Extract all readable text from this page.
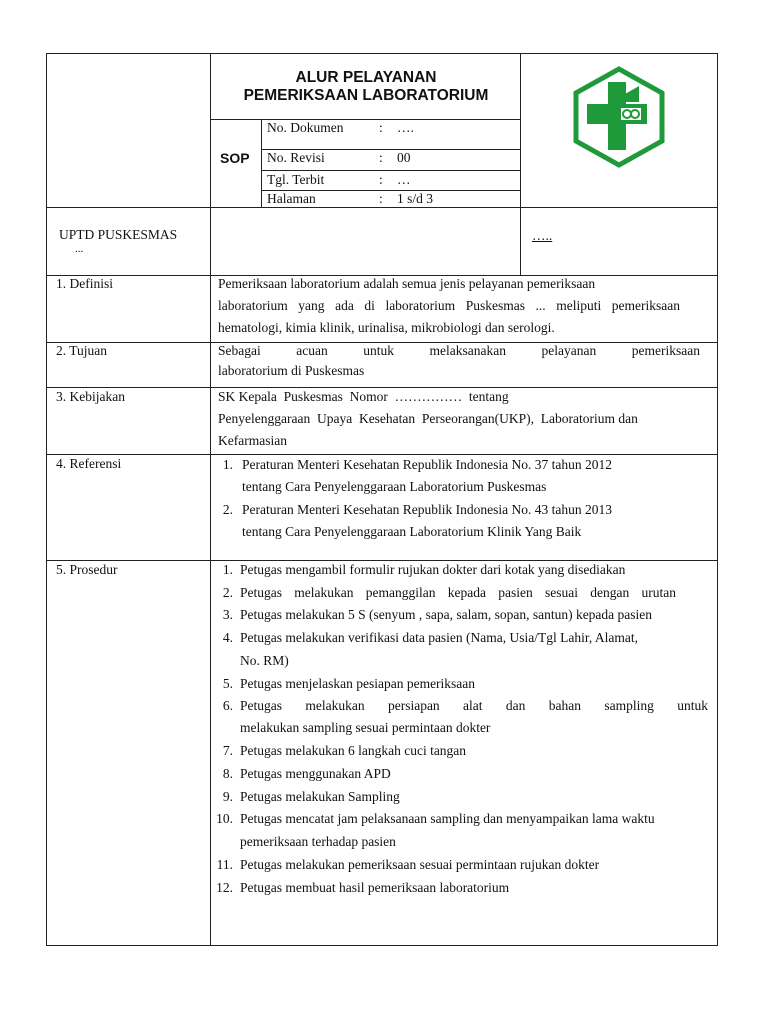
ALUR PELAYANAN
PEMERIKSAAN LABORATORIUM
SOP
No. Dokumen	: ….
No. Revisi	: 00
Tgl. Terbit	: …
Halaman	: 1 s/d 3
UPTD PUSKESMAS
...
…..
1. Definisi	Pemeriksaan laboratorium adalah semua jenis pelayanan pemeriksaan
laboratorium yang ada di laboratorium Puskesmas ... meliputi pemeriksaan
hematologi, kimia klinik, urinalisa, mikrobiologi dan serologi.
2. Tujuan	Sebagai acuan untuk melaksanakan pelayanan pemeriksaan
laboratorium di Puskesmas
3. Kebijakan	SK Kepala  Puskesmas  Nomor  ……………  tentang
Penyelenggaraan  Upaya  Kesehatan  Perseorangan(UKP),  Laboratorium dan
Kefarmasian
4. Referensi	1. Peraturan Menteri Kesehatan Republik Indonesia No. 37 tahun 2012
tentang Cara Penyelenggaraan Laboratorium Puskesmas
2. Peraturan Menteri Kesehatan Republik Indonesia No. 43 tahun 2013
tentang Cara Penyelenggaraan Laboratorium Klinik Yang Baik
5. Prosedur	1. Petugas mengambil formulir rujukan dokter dari kotak yang disediakan
2. Petugas melakukan pemanggilan kepada pasien sesuai dengan urutan
3. Petugas melakukan 5 S (senyum , sapa, salam, sopan, santun) kepada pasien
4. Petugas melakukan verifikasi data pasien (Nama, Usia/Tgl Lahir, Alamat,
No. RM)
5. Petugas menjelaskan pesiapan pemeriksaan
6. Petugas melakukan persiapan alat dan bahan sampling untuk
melakukan sampling sesuai permintaan dokter
7. Petugas melakukan 6 langkah cuci tangan
8. Petugas menggunakan APD
9. Petugas melakukan Sampling
10. Petugas mencatat jam pelaksanaan sampling dan menyampaikan lama waktu
pemeriksaan terhadap pasien
11. Petugas melakukan pemeriksaan sesuai permintaan rujukan dokter
12. Petugas membuat hasil pemeriksaan laboratorium
